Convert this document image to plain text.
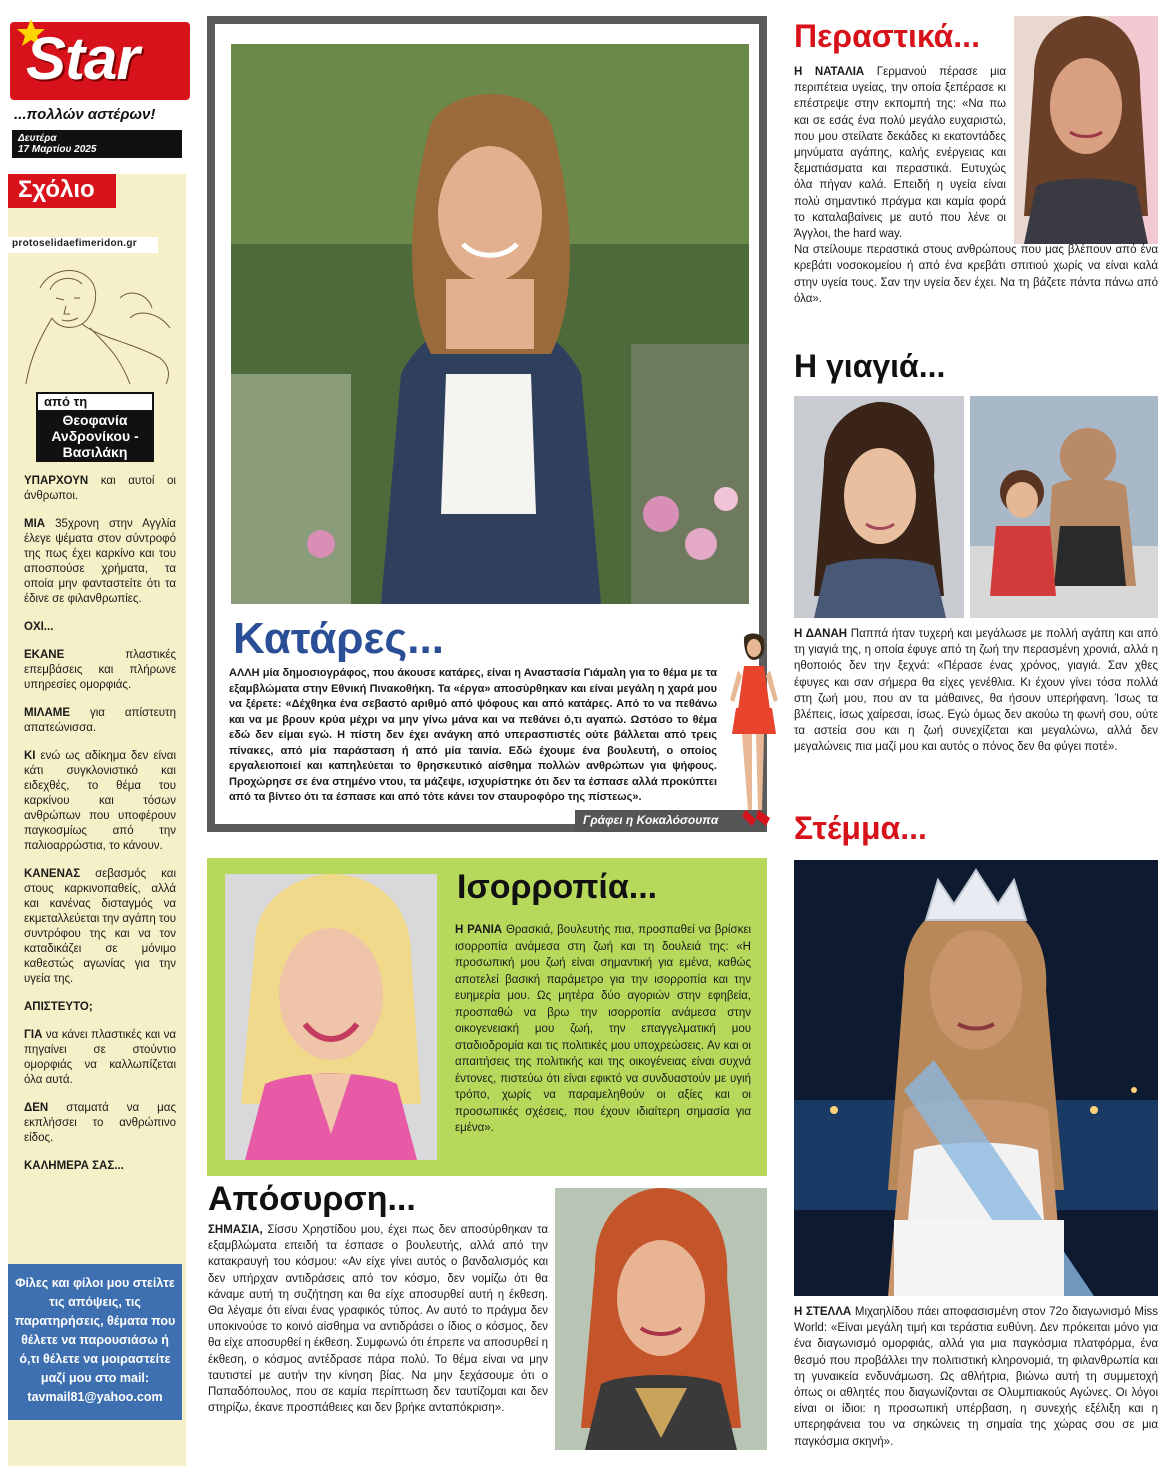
Star
...πολλών αστέρων!
Δευτέρα
17 Μαρτίου 2025
Σχόλιο
protoselidaefimeridon.gr
από τη
Θεοφανία Ανδρονίκου - Βασιλάκη

ΥΠΑΡΧΟΥΝ και αυτοί οι άνθρωποι.

ΜΙΑ 35χρονη στην Αγγλία έλεγε ψέματα στον σύντροφό της πως έχει καρκίνο και του αποσπούσε χρήματα, τα οποία μην φανταστείτε ότι τα έδινε σε φιλανθρωπίες.

ΟΧΙ...

ΕΚΑΝΕ πλαστικές επεμβάσεις και πλήρωνε υπηρεσίες ομορφιάς.

ΜΙΛΑΜΕ για απίστευτη απατεώνισσα.

ΚΙ ενώ ως αδίκημα δεν είναι κάτι συγκλονιστικό και ειδεχθές, το θέμα του καρκίνου και τόσων ανθρώπων που υποφέρουν παγκοσμίως από την παλιοαρρώστια, το κάνουν.

ΚΑΝΕΝΑΣ σεβασμός και στους καρκινοπαθείς, αλλά και κανένας δισταγμός να εκμεταλλεύεται την αγάπη του συντρόφου της και να τον καταδικάζει σε μόνιμο καθεστώς αγωνίας για την υγεία της.

ΑΠΙΣΤΕΥΤΟ;

ΓΙΑ να κάνει πλαστικές και να πηγαίνει σε στούντιο ομορφιάς να καλλωπίζεται όλα αυτά.

ΔΕΝ σταματά να μας εκπλήσσει το ανθρώπινο είδος.

ΚΑΛΗΜΕΡΑ ΣΑΣ...

Φίλες και φίλοι μου στείλτε τις απόψεις, τις παρατηρήσεις, θέματα που θέλετε να παρουσιάσω ή ό,τι θέλετε να μοιραστείτε μαζί μου στο mail: tavmail81@yahoo.com
Κατάρες...
ΑΛΛΗ μία δημοσιογράφος, που άκουσε κατάρες, είναι η Αναστασία Γιάμαλη για το θέμα με τα εξαμβλώματα στην Εθνική Πινακοθήκη. Τα «έργα» αποσύρθηκαν και είναι μεγάλη η χαρά μου να ξέρετε: «Δέχθηκα ένα σεβαστό αριθμό από ψόφους και από κατάρες. Από το να πεθάνω και να με βρουν κρύα μέχρι να μην γίνω μάνα και να πεθάνει ό,τι αγαπώ. Ωστόσο το θέμα εδώ δεν είμαι εγώ. Η πίστη δεν έχει ανάγκη από υπερασπιστές ούτε βάλλεται από τρεις πίνακες, από μία παράσταση ή από μία ταινία. Εδώ έχουμε ένα βουλευτή, ο οποίος εργαλειοποιεί και καπηλεύεται το θρησκευτικό αίσθημα πολλών ανθρώπων για ψήφους. Προχώρησε σε ένα στημένο ντου, τα μάζεψε, ισχυρίστηκε ότι δεν τα έσπασε αλλά προκύπτει από τα βίντεο ότι τα έσπασε και από τότε κάνει τον σταυροφόρο της πίστεως».
Γράφει η Κοκαλόσουπα
Ισορροπία...
Η ΡΑΝΙΑ Θρασκιά, βουλευτής πια, προσπαθεί να βρίσκει ισορροπία ανάμεσα στη ζωή και τη δουλειά της: «Η προσωπική μου ζωή είναι σημαντική για εμένα, καθώς αποτελεί βασική παράμετρο για την ισορροπία και την ευημερία μου. Ως μητέρα δύο αγοριών στην εφηβεία, προσπαθώ να βρω την ισορροπία ανάμεσα στην οικογενειακή μου ζωή, την επαγγελματική μου σταδιοδρομία και τις πολιτικές μου υποχρεώσεις. Αν και οι απαιτήσεις της πολιτικής και της οικογένειας είναι συχνά έντονες, πιστεύω ότι είναι εφικτό να συνδυαστούν με υγιή τρόπο, χωρίς να παραμεληθούν οι αξίες και οι προσωπικές σχέσεις, που έχουν ιδιαίτερη σημασία για εμένα».
Απόσυρση...
ΣΗΜΑΣΙΑ, Σίσσυ Χρηστίδου μου, έχει πως δεν αποσύρθηκαν τα εξαμβλώματα επειδή τα έσπασε ο βουλευτής, αλλά από την κατακραυγή του κόσμου: «Αν είχε γίνει αυτός ο βανδαλισμός και δεν υπήρχαν αντιδράσεις από τον κόσμο, δεν νομίζω ότι θα κάναμε αυτή τη συζήτηση και θα είχε αποσυρθεί αυτή η έκθεση. Θα λέγαμε ότι είναι ένας γραφικός τύπος. Αν αυτό το πράγμα δεν υποκινούσε το κοινό αίσθημα να αντιδράσει ο ίδιος ο κόσμος, δεν θα είχε αποσυρθεί η έκθεση. Συμφωνώ ότι έπρεπε να αποσυρθεί η έκθεση, ο κόσμος αντέδρασε πάρα πολύ. Το θέμα είναι να μην ταυτιστεί με αυτήν την κίνηση βίας. Να μην ξεχάσουμε ότι ο Παπαδόπουλος, που σε καμία περίπτωση δεν ταυτίζομαι και δεν στηρίζω, έκανε προσπάθειες και δεν βρήκε ανταπόκριση».
Περαστικά...
Η ΝΑΤΑΛΙΑ Γερμανού πέρασε μια περιπέτεια υγείας, την οποία ξεπέρασε κι επέστρεψε στην εκπομπή της: «Να πω και σε εσάς ένα πολύ μεγάλο ευχαριστώ, που μου στείλατε δεκάδες κι εκατοντάδες μηνύματα αγάπης, καλής ενέργειας και ξεματιάσματα και περαστικά. Ευτυχώς όλα πήγαν καλά. Επειδή η υγεία είναι πολύ σημαντικό πράγμα και καμία φορά το καταλαβαίνεις με αυτό που λένε οι Άγγλοι, the hard way.
Να στείλουμε περαστικά στους ανθρώπους που μας βλέπουν από ένα κρεβάτι νοσοκομείου ή από ένα κρεβάτι σπιτιού χωρίς να είναι καλά στην υγεία τους. Σαν την υγεία δεν έχει. Να τη βάζετε πάντα πάνω από όλα».
Η γιαγιά...
Η ΔΑΝΑΗ Παππά ήταν τυχερή και μεγάλωσε με πολλή αγάπη και από τη γιαγιά της, η οποία έφυγε από τη ζωή την περασμένη χρονιά, αλλά η ηθοποιός δεν την ξεχνά: «Πέρασε ένας χρόνος, γιαγιά. Σαν χθες έφυγες και σαν σήμερα θα είχες γενέθλια. Κι έχουν γίνει τόσα πολλά στη ζωή μου, που αν τα μάθαινες, θα ήσουν υπερήφανη. Ίσως τα βλέπεις, ίσως χαίρεσαι, ίσως. Εγώ όμως δεν ακούω τη φωνή σου, ούτε τα αστεία σου και η ζωή συνεχίζεται και μεγαλώνω, αλλά δεν μεγαλώνεις πια μαζί μου και αυτός ο πόνος δεν θα φύγει ποτέ».
Στέμμα...
Η ΣΤΕΛΛΑ Μιχαηλίδου πάει αποφασισμένη στον 72ο διαγωνισμό Miss World: «Είναι μεγάλη τιμή και τεράστια ευθύνη. Δεν πρόκειται μόνο για ένα διαγωνισμό ομορφιάς, αλλά για μια παγκόσμια πλατφόρμα, ένα θεσμό που προβάλλει την πολιτιστική κληρονομιά, τη φιλανθρωπία και τη γυναικεία ενδυνάμωση. Ως αθλήτρια, βιώνω αυτή τη συμμετοχή όπως οι αθλητές που διαγωνίζονται σε Ολυμπιακούς Αγώνες. Οι λόγοι είναι οι ίδιοι: η προσωπική υπέρβαση, η συνεχής εξέλιξη και η υπερηφάνεια του να σηκώνεις τη σημαία της χώρας σου σε μια παγκόσμια σκηνή».
